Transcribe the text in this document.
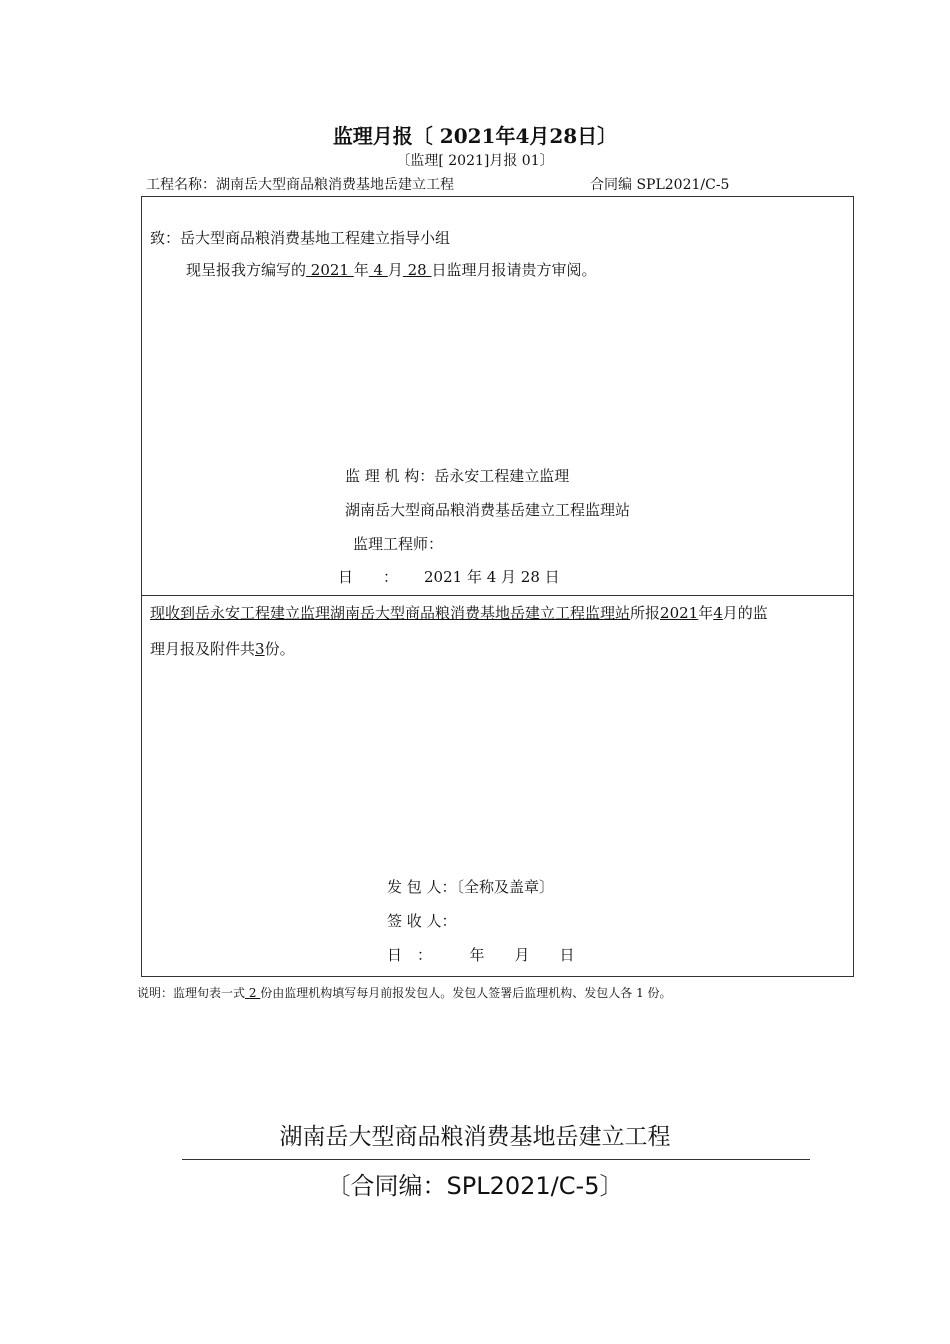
监理月报〔 2021年4月28日〕
〔监理[ 2021]月报 01〕
工程名称：湖南岳大型商品粮消费基地岳建立工程	合同编 SPL2021/C-5
致：岳大型商品粮消费基地工程建立指导小组
现呈报我方编写的 2021 年 4 月 28 日监理月报请贵方审阅。
监 理 机 构：岳永安工程建立监理
湖南岳大型商品粮消费基岳建立工程监理站
监理工程师：
日　　： 2021 年 4 月 28 日
现收到岳永安工程建立监理湖南岳大型商品粮消费基地岳建立工程监理站所报2021年4月的监
理月报及附件共3份。
发 包 人：〔全称及盖章〕
签 收 人：
日　：　　　年　　月　　日
说明：监理旬表一式 2 份由监理机构填写每月前报发包人。发包人签署后监理机构、发包人各 1 份。
湖南岳大型商品粮消费基地岳建立工程
〔合同编：SPL2021/C-5〕
